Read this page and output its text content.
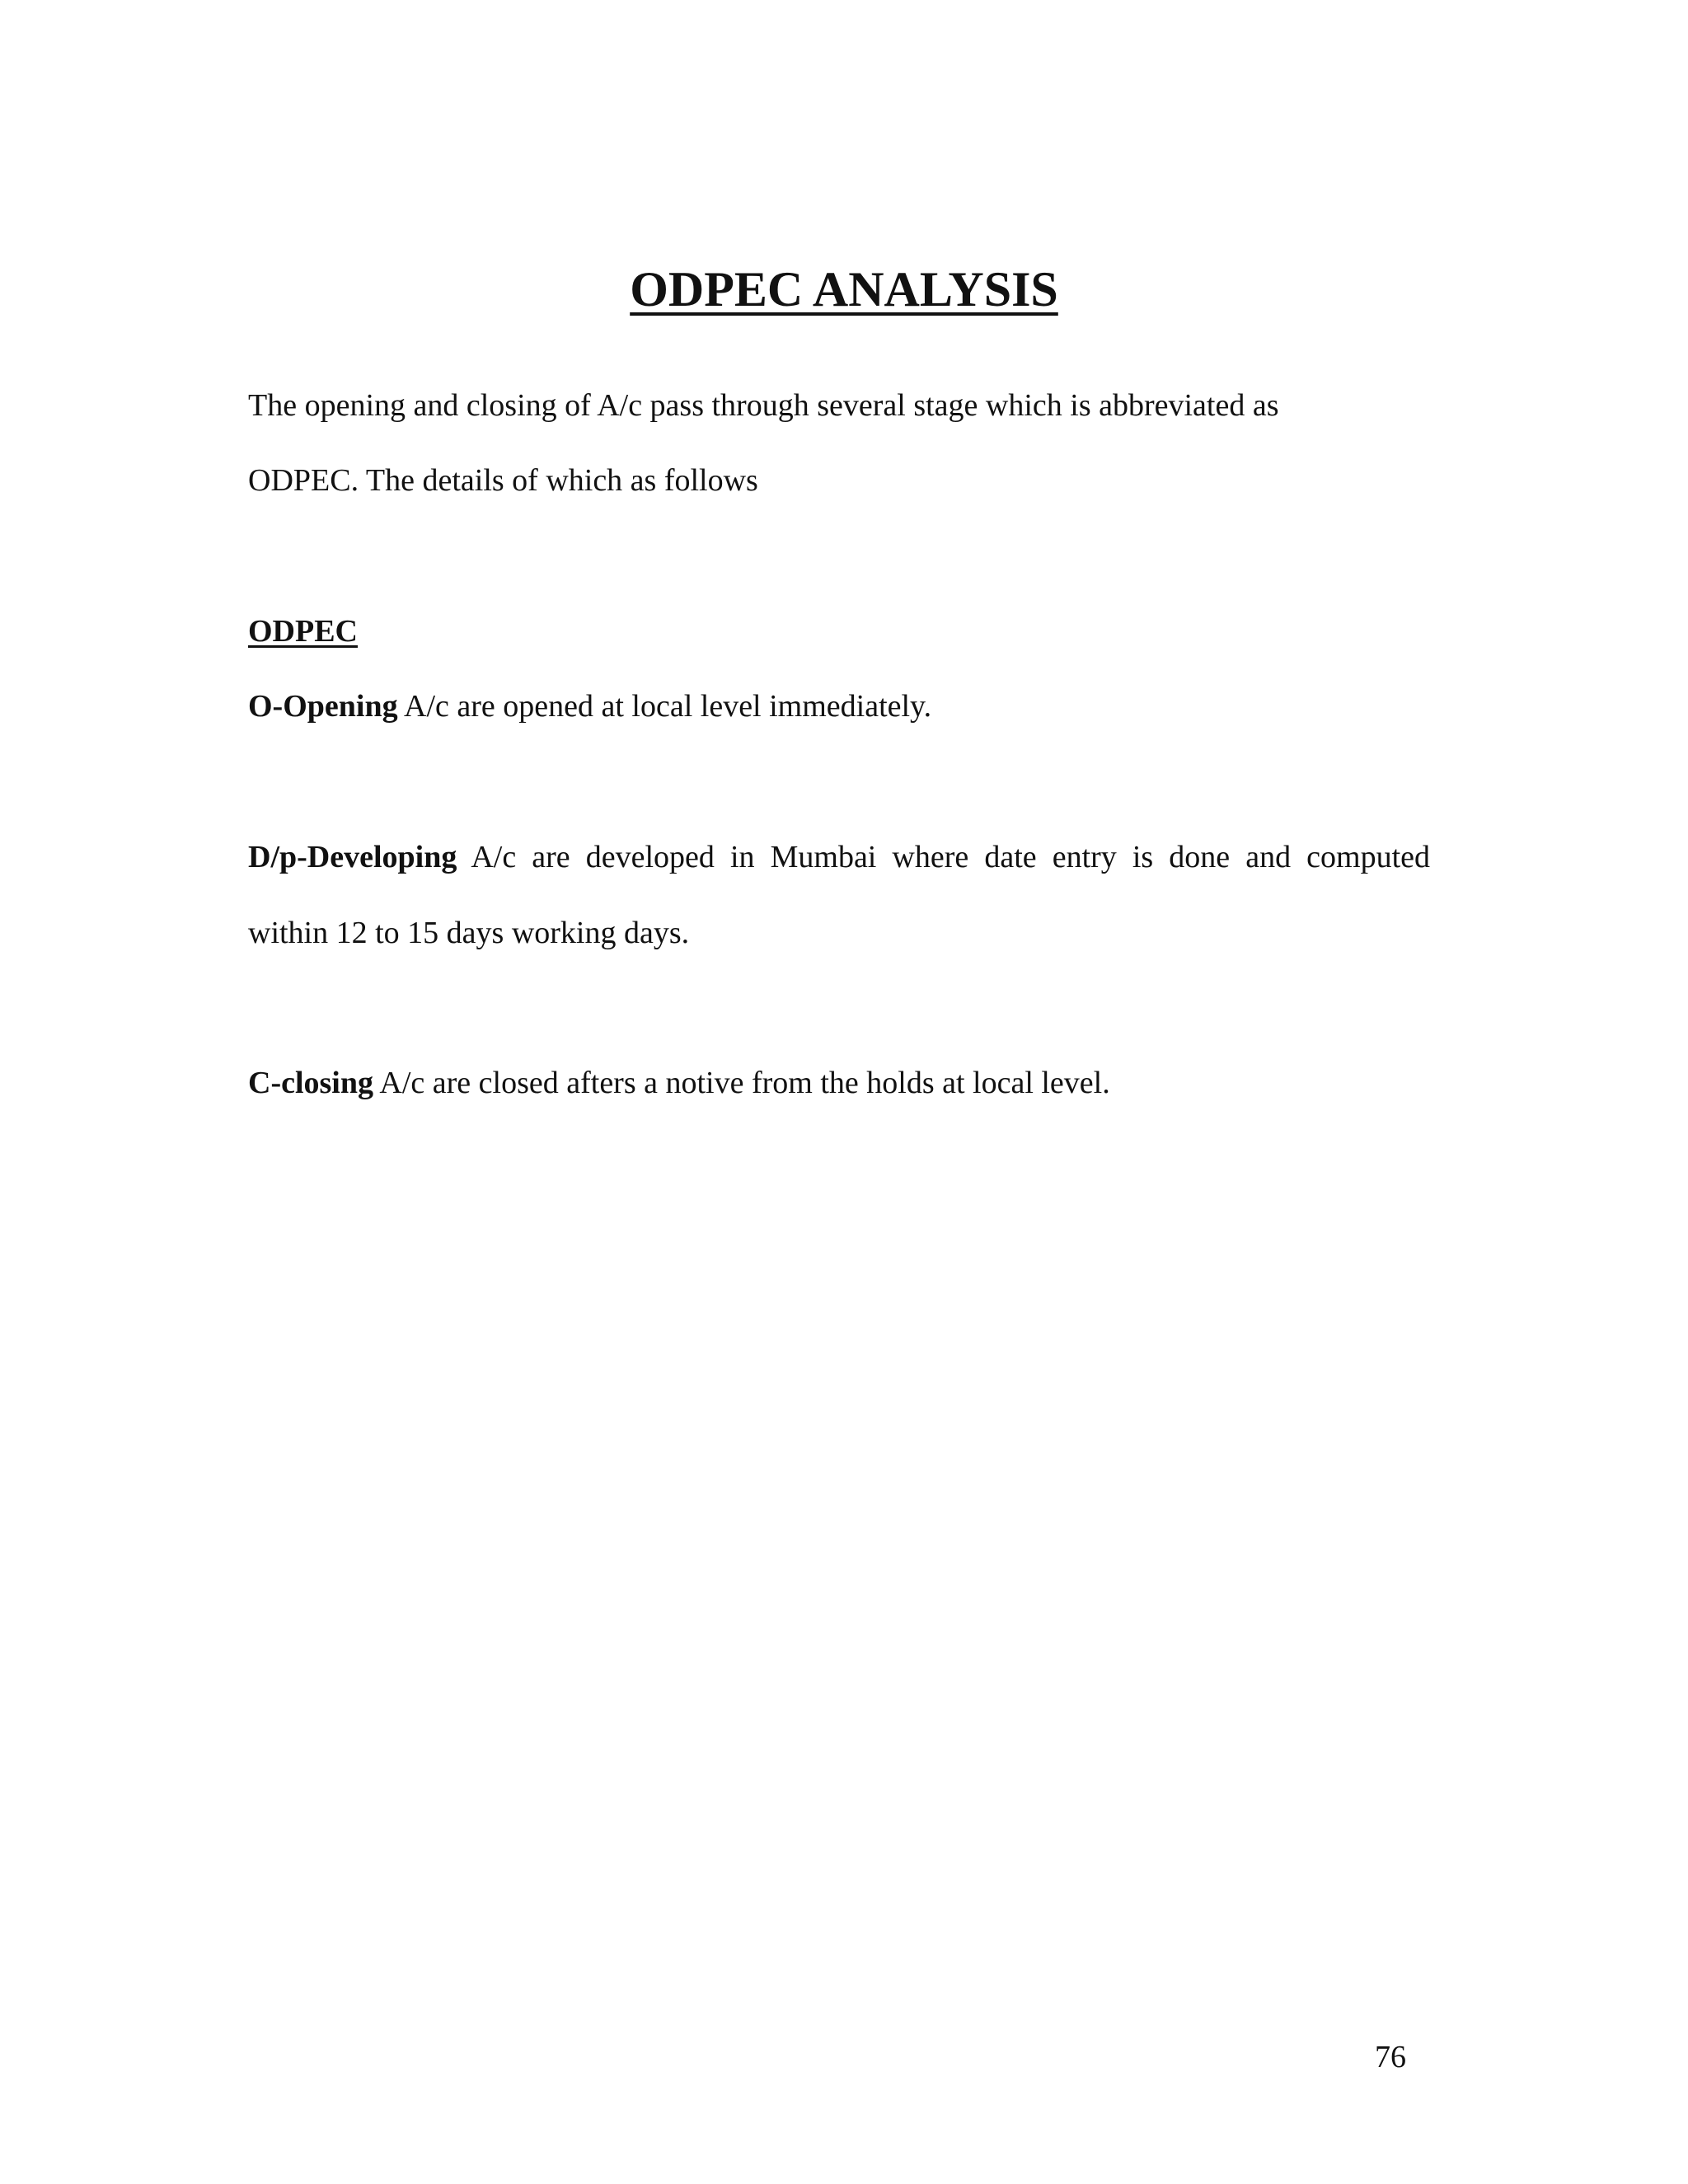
ODPEC ANALYSIS

The opening and closing of A/c pass through several stage which is abbreviated as

ODPEC. The details of which as follows

ODPEC

O-Opening A/c are opened at local level immediately.

D/p-Developing A/c are developed in Mumbai where date entry is done and computed

within 12 to 15 days working days.

C-closing A/c are closed afters a notive from the holds at local level.

76
